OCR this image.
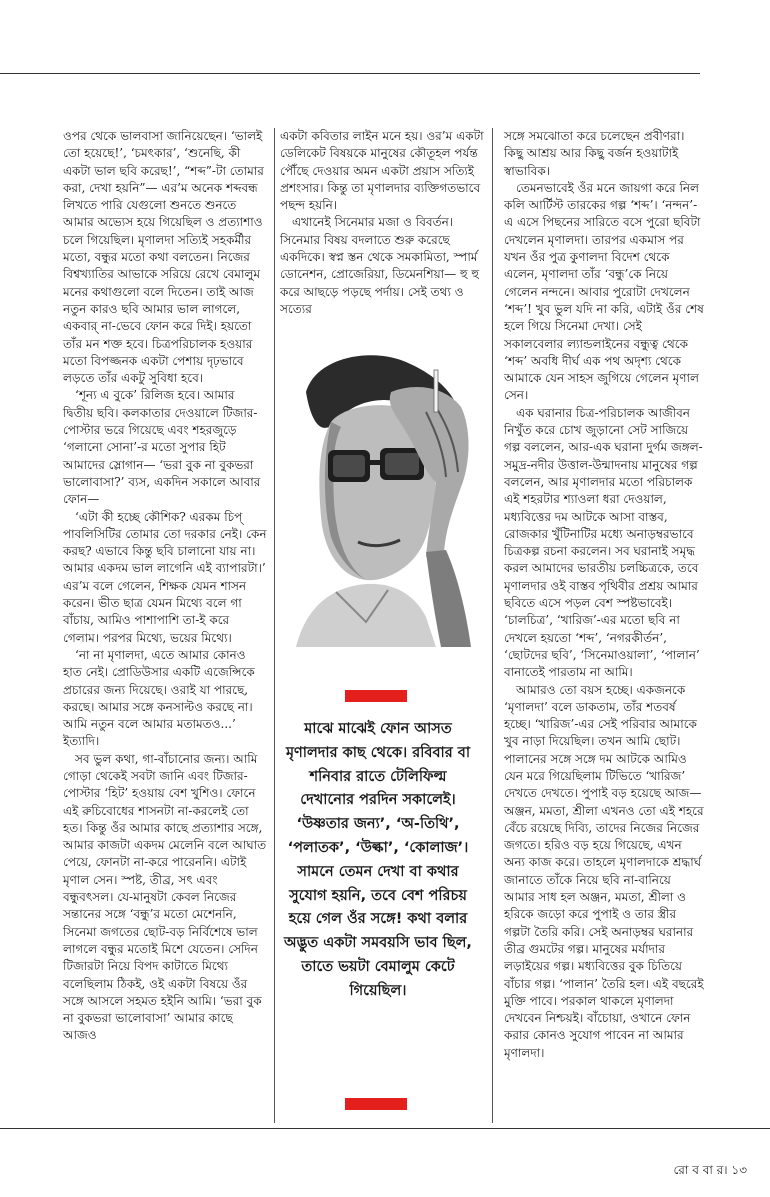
ওপর থেকে ভালবাসা জানিয়েছেন। ‘ভালই তো হয়েছে!’, ‘চমৎকার’, ‘শুনেছি, কী একটা ভাল ছবি করেছ!’, “শব্দ”-টা তোমার করা, দেখা হয়নি”— এর’ম অনেক শব্দবন্ধ লিখতে পারি যেগুলো শুনতে শুনতে আমার অভ্যেস হয়ে গিয়েছিল ও প্রত্যাশাও চলে গিয়েছিল। মৃণালদা সত্যিই সহকর্মীর মতো, বন্ধুর মতো কথা বলতেন। নিজের বিশ্বখ্যাতির আভাকে সরিয়ে রেখে বেমালুম মনের কথাগুলো বলে দিতেন। তাই আজ নতুন কারও ছবি আমার ভাল লাগলে, একবার্ না-ভেবে ফোন করে দিই। হয়তো তাঁর মন শক্ত হবে। চিত্রপরিচালক হওয়ার মতো বিপজ্জনক একটা পেশায় দৃঢ়ভাবে লড়তে তাঁর একটু সুবিধা হবে।

‘শূন্য এ বুকে’ রিলিজ হবে। আমার দ্বিতীয় ছবি। কলকাতার দেওয়ালে টিজার-পোস্টার ভরে গিয়েছে এবং শহরজুড়ে ‘গলানো সোনা’-র মতো সুপার হিট আমাদের স্লোগান— ‘ভরা বুক না বুকভরা ভালোবাসা?’ ব্যস, একদিন সকালে আবার ফোন—

‘এটা কী হচ্ছে কৌশিক? এরকম চিপ্ পাবলিসিটির তোমার তো দরকার নেই। কেন করছ? এভাবে কিন্তু ছবি চালানো যায় না। আমার একদম ভাল লাগেনি এই ব্যাপারটা।’ এর’ম বলে গেলেন, শিক্ষক যেমন শাসন করেন। ভীত ছাত্র যেমন মিথ্যে বলে গা বাঁচায়, আমিও পাশাপাশি তা-ই করে গেলাম। পরপর মিথ্যে, ভয়ের মিথ্যে।

‘না না মৃণালদা, এতে আমার কোনও হাত নেই। প্রোডিউসার একটি এজেন্সিকে প্রচারের জন্য দিয়েছে। ওরাই যা পারছে, করছে। আমার সঙ্গে কনসাল্টও করছে না। আমি নতুন বলে আমার মতামতও...’ ইত্যাদি।

সব ভুল কথা, গা-বাঁচানোর জন্য। আমি গোড়া থেকেই সবটা জানি এবং টিজার-পোস্টার ‘হিট’ হওয়ায় বেশ খুশিও। ফোনে এই রুচিবোধের শাসনটা না-করলেই তো হত। কিন্তু ওঁর আমার কাছে প্রত্যাশার সঙ্গে, আমার কাজটা একদম মেলেনি বলে আঘাত পেয়ে, ফোনটা না-করে পারেননি। এটাই মৃণাল সেন। স্পষ্ট, তীব্র, সৎ এবং বন্ধুবৎসল। যে-মানুষটা কেবল নিজের সন্তানের সঙ্গে ‘বন্ধু’র মতো মেশেননি, সিনেমা জগতের ছোট-বড় নির্বিশেষে ভাল লাগলে বন্ধুর মতোই মিশে যেতেন। সেদিন টিজারটা নিয়ে বিপদ কাটাতে মিথ্যে বলেছিলাম ঠিকই, ওই একটা বিষয়ে ওঁর সঙ্গে আসলে সহমত হইনি আমি। ‘ভরা বুক না বুকভরা ভালোবাসা’ আমার কাছে আজও

একটা কবিতার লাইন মনে হয়। ওর’ম একটা ডেলিকেট বিষয়কে মানুষের কৌতূহল পর্যন্ত পৌঁছে দেওয়ার অমন একটা প্রয়াস সত্যিই প্রশংসার। কিন্তু তা মৃণালদার ব্যক্তিগতভাবে পছন্দ হয়নি।

এখানেই সিনেমার মজা ও বিবর্তন। সিনেমার বিষয় বদলাতে শুরু করেছে একদিকে। স্বপ্ন স্তন থেকে সমকামিতা, স্পার্ম ডোনেশন, প্রোজেরিয়া, ডিমেনশিয়া— হু হু করে আছড়ে পড়ছে পর্দায়। সেই তথ্য ও সত্যের

মাঝে মাঝেই ফোন আসত মৃণালদার কাছ থেকে। রবিবার বা শনিবার রাতে টেলিফিল্ম দেখানোর পরদিন সকালেই। ‘উষ্ণতার জন্য’, ‘অ-তিথি’, ‘পলাতক’, ‘উল্কা’, ‘কোলাজ’। সামনে তেমন দেখা বা কথার সুযোগ হয়নি, তবে বেশ পরিচয় হয়ে গেল ওঁর সঙ্গে! কথা বলার অদ্ভুত একটা সমবয়সি ভাব ছিল, তাতে ভয়টা বেমালুম কেটে গিয়েছিল।

সঙ্গে সমঝোতা করে চলেছেন প্রবীণরা। কিছু আশ্রয় আর কিছু বর্জন হওয়াটাই স্বাভাবিক।

তেমনভাবেই ওঁর মনে জায়গা করে নিল কলি আর্টিস্ট তারকের গল্প ‘শব্দ’। ‘নন্দন’-এ এসে পিছনের সারিতে বসে পুরো ছবিটা দেখলেন মৃণালদা। তারপর একমাস পর যখন ওঁর পুত্র কুণালদা বিদেশ থেকে এলেন, মৃণালদা তাঁর ‘বন্ধু’কে নিয়ে গেলেন নন্দনে। আবার পুরোটা দেখলেন ‘শব্দ’! খুব ভুল যদি না করি, এটাই ওঁর শেষ হলে গিয়ে সিনেমা দেখা। সেই সকালবেলার ল্যান্ডলাইনের বন্ধুত্ব থেকে ‘শব্দ’ অবধি দীর্ঘ এক পথ অদৃশ্য থেকে আমাকে যেন সাহস জুগিয়ে গেলেন মৃণাল সেন।

এক ঘরানার চিত্র-পরিচালক আজীবন নিখুঁত করে চোখ জুড়ানো সেট সাজিয়ে গল্প বললেন, আর-এক ঘরানা দুর্গম জঙ্গল-সমুদ্র-নদীর উত্তাল-উন্মাদনায় মানুষের গল্প বললেন, আর মৃণালদার মতো পরিচালক এই শহরটার শ্যাওলা ধরা দেওয়াল, মধ্যবিত্তের দম আটকে আসা বাস্তব, রোজকার খুঁটিনাটির মধ্যে অনাড়ম্বরভাবে চিত্রকল্প রচনা করলেন। সব ঘরানাই সমৃদ্ধ করল আমাদের ভারতীয় চলচ্চিত্রকে, তবে মৃণালদার ওই বাস্তব পৃথিবীর প্রশ্রয় আমার ছবিতে এসে পড়ল বেশ স্পষ্টভাবেই। ‘চালচিত্র’, ‘খারিজ’-এর মতো ছবি না দেখলে হয়তো ‘শব্দ’, ‘নগরকীর্তন’, ‘ছোটদের ছবি’, ‘সিনেমাওয়ালা’, ‘পালান’ বানাতেই পারতাম না আমি।

আমারও তো বয়স হচ্ছে। একজনকে ‘মৃণালদা’ বলে ডাকতাম, তাঁর শতবর্ষ হচ্ছে। ‘খারিজ’-এর সেই পরিবার আমাকে খুব নাড়া দিয়েছিল। তখন আমি ছোট। পালানের সঙ্গে সঙ্গে দম আটকে আমিও যেন মরে গিয়েছিলাম টিভিতে ‘খারিজ’ দেখতে দেখতে। পুপাই বড় হয়েছে আজ— অঞ্জন, মমতা, শ্রীলা এখনও তো এই শহরে বেঁচে রয়েছে দিব্যি, তাদের নিজের নিজের জগতে। হরিও বড় হয়ে গিয়েছে, এখন অন্য কাজ করে। তাহলে মৃণালদাকে শ্রদ্ধার্ঘ জানাতে তাঁকে নিয়ে ছবি না-বানিয়ে আমার সাধ হল অঞ্জন, মমতা, শ্রীলা ও হরিকে জড়ো করে পুপাই ও তার স্ত্রীর গল্পটা তৈরি করি। সেই অনাড়ম্বর ঘরানার তীব্র গুমটের গল্প। মানুষের মর্যাদার লড়াইয়ের গল্প। মধ্যবিত্তের বুক চিতিয়ে বাঁচার গল্প। ‘পালান’ তৈরি হল। এই বছরেই মুক্তি পাবে। পরকাল থাকলে মৃণালদা দেখবেন নিশ্চয়ই। বাঁচোয়া, ওখানে ফোন করার কোনও সুযোগ পাবেন না আমার মৃণালদা।

রো ব বা র। ১৩
